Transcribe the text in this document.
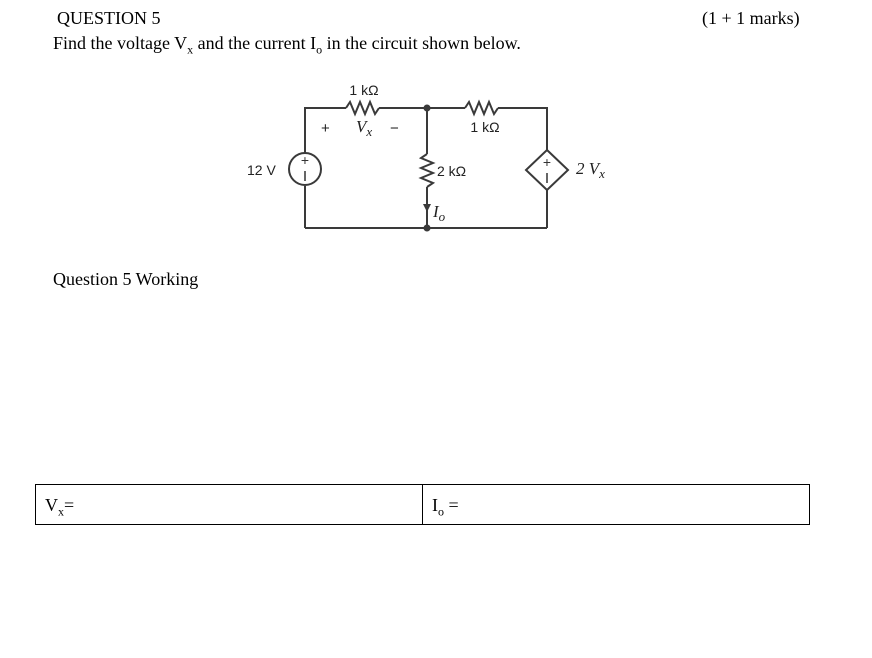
QUESTION 5	(1 + 1 marks)
Find the voltage $V_x$ and the current $I_o$ in the circuit shown below.
+	+
1 kΩ
1 kΩ
2 kΩ
12 V
+ $V_x$ −
$I_o$
2 $V_x$
Question 5 Working
$V_x=$	$I_o$ =
